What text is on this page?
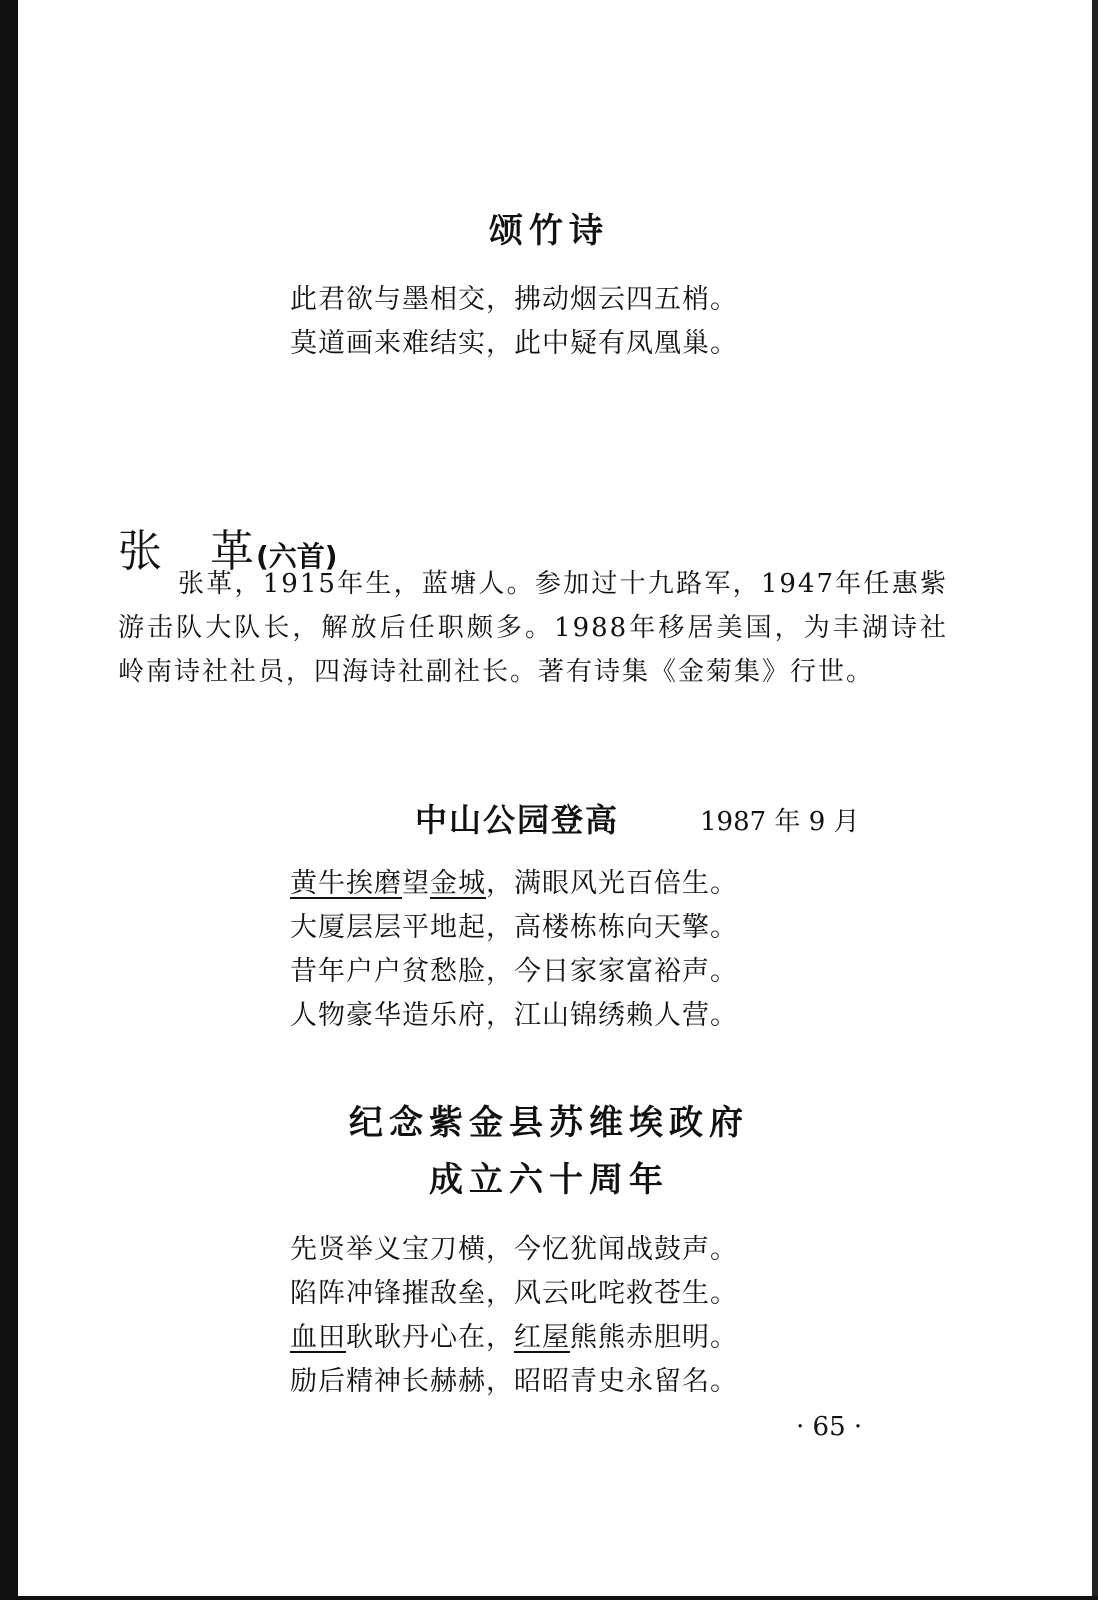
颂竹诗
此君欲与墨相交，拂动烟云四五梢。
莫道画来难结实，此中疑有凤凰巢。
张　革(六首)
张革，1915年生，蓝塘人。参加过十九路军，1947年任惠紫游击队大队长，解放后任职颇多。1988年移居美国，为丰湖诗社岭南诗社社员，四海诗社副社长。著有诗集《金菊集》行世。
中山公园登高	1987 年 9 月
黄牛挨磨望金城，满眼风光百倍生。
大厦层层平地起，高楼栋栋向天擎。
昔年户户贫愁脸，今日家家富裕声。
人物豪华造乐府，江山锦绣赖人营。
纪念紫金县苏维埃政府
成立六十周年
先贤举义宝刀横，今忆犹闻战鼓声。
陷阵冲锋摧敌垒，风云叱咤救苍生。
血田耿耿丹心在，红屋熊熊赤胆明。
励后精神长赫赫，昭昭青史永留名。
· 65 ·
